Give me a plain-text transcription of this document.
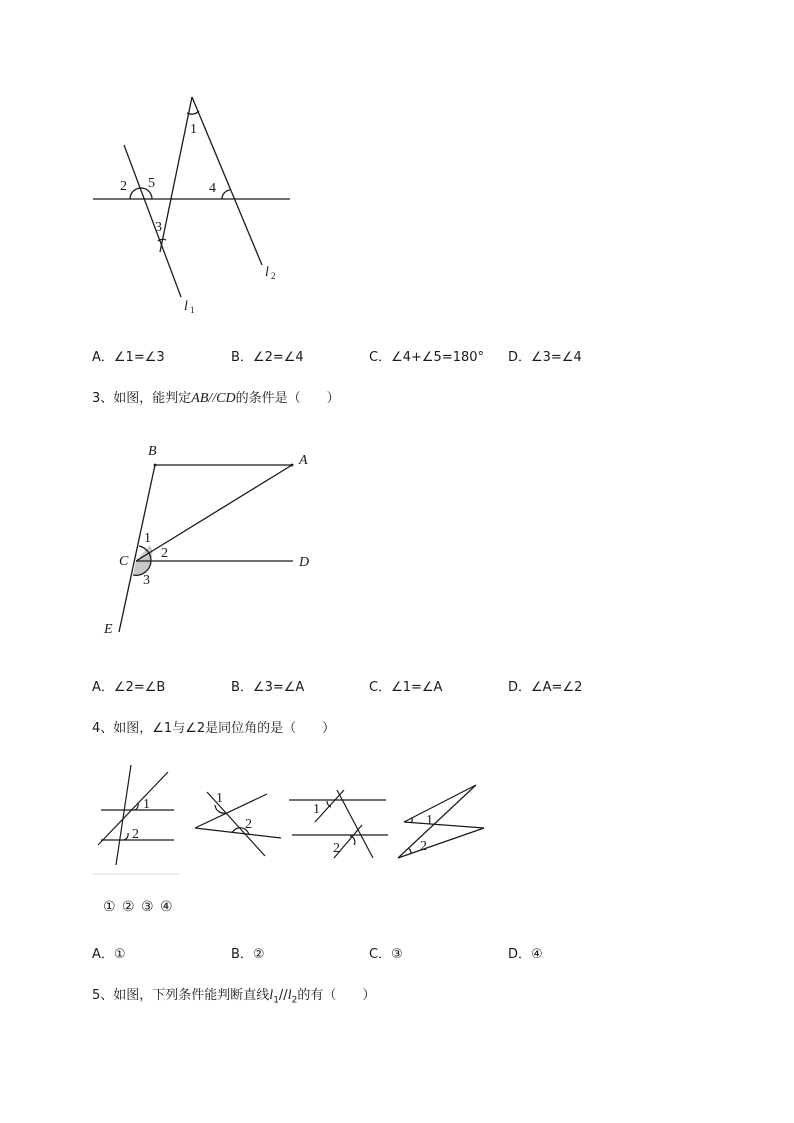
1
2 5
3
4
l 1
l 2
A．∠1=∠3	B．∠2=∠4	C．∠4+∠5=180° D．∠3=∠4
3、如图，能判定AB//CD的条件是（　　）
B
A
C	D
E
1
2
3
A．∠2=∠B	B．∠3=∠A	C．∠1=∠A	D．∠A=∠2
4、如图，∠1与∠2是同位角的是（　　）
1
2
1
2
1
2
1
2
① ② ③ ④
A．①	B．②	C．③	D．④
5、如图，下列条件能判断直线$l_1//l_2$的有（　　）
